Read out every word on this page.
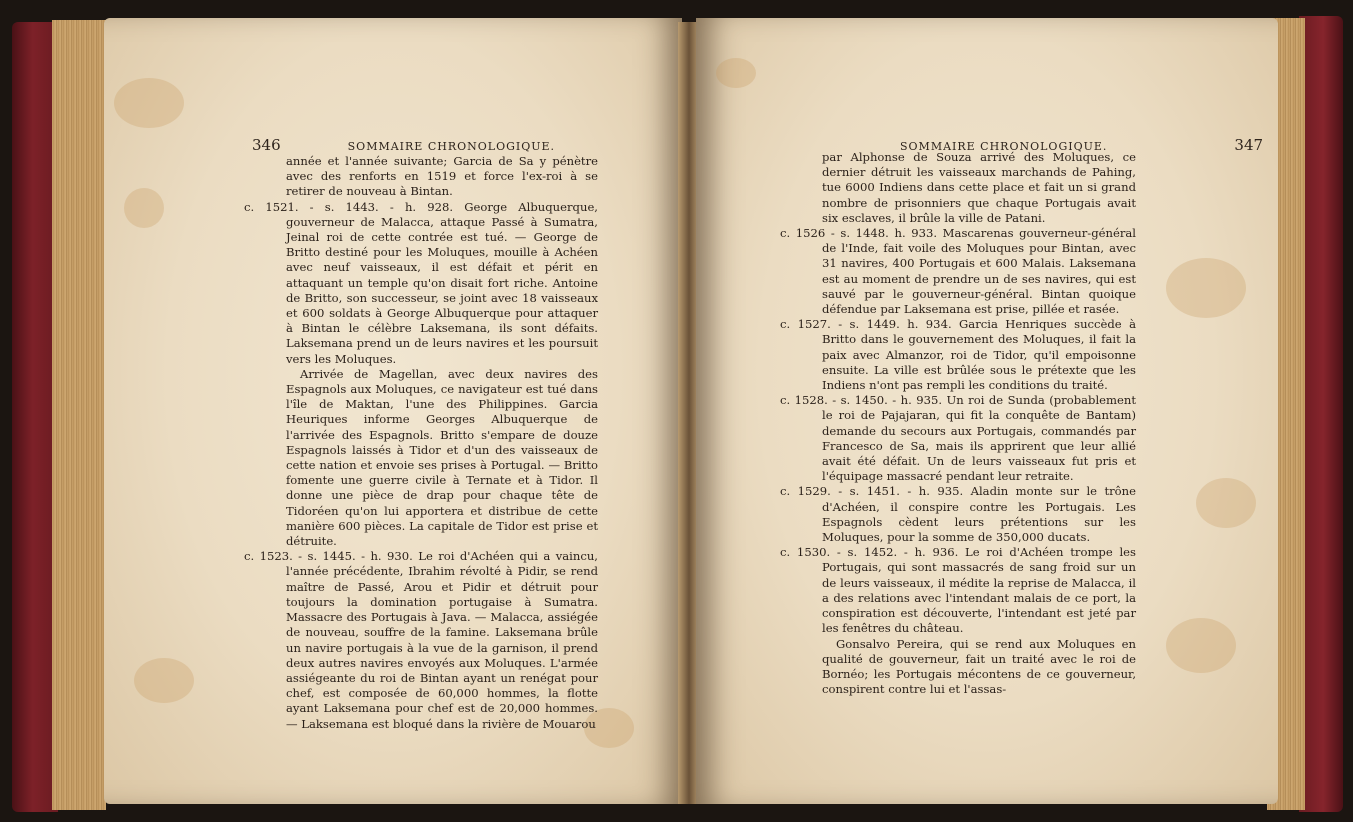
346	SOMMAIRE CHRONOLOGIQUE.	SOMMAIRE CHRONOLOGIQUE.	347

année et l'année suivante; Garcia de Sa y pénètre avec des renforts en 1519 et force l'ex-roi à se retirer de nouveau à Bintan.

c. 1521. - s. 1443. - h. 928. George Albuquerque, gouverneur de Malacca, attaque Passé à Sumatra, Jeinal roi de cette contrée est tué. — George de Britto destiné pour les Moluques, mouille à Achéen avec neuf vaisseaux, il est défait et périt en attaquant un temple qu'on disait fort riche. Antoine de Britto, son successeur, se joint avec 18 vaisseaux et 600 soldats à George Albuquerque pour attaquer à Bintan le célèbre Laksemana, ils sont défaits. Laksemana prend un de leurs navires et les poursuit vers les Moluques.

Arrivée de Magellan, avec deux navires des Espagnols aux Moluques, ce navigateur est tué dans l'île de Maktan, l'une des Philippines. Garcia Heuriques informe Georges Albuquerque de l'arrivée des Espagnols. Britto s'empare de douze Espagnols laissés à Tidor et d'un des vaisseaux de cette nation et envoie ses prises à Portugal. — Britto fomente une guerre civile à Ternate et à Tidor. Il donne une pièce de drap pour chaque tête de Tidoréen qu'on lui apportera et distribue de cette manière 600 pièces. La capitale de Tidor est prise et détruite.

c. 1523. - s. 1445. - h. 930. Le roi d'Achéen qui a vaincu, l'année précédente, Ibrahim révolté à Pidir, se rend maître de Passé, Arou et Pidir et détruit pour toujours la domination portugaise à Sumatra. Massacre des Portugais à Java. — Malacca, assiégée de nouveau, souffre de la famine. Laksemana brûle un navire portugais à la vue de la garnison, il prend deux autres navires envoyés aux Moluques. L'armée assiégeante du roi de Bintan ayant un renégat pour chef, est composée de 60,000 hommes, la flotte ayant Laksemana pour chef est de 20,000 hommes. — Laksemana est bloqué dans la rivière de Mouarou

par Alphonse de Souza arrivé des Moluques, ce dernier détruit les vaisseaux marchands de Pahing, tue 6000 Indiens dans cette place et fait un si grand nombre de prisonniers que chaque Portugais avait six esclaves, il brûle la ville de Patani.

c. 1526 - s. 1448. h. 933. Mascarenas gouverneur-général de l'Inde, fait voile des Moluques pour Bintan, avec 31 navires, 400 Portugais et 600 Malais. Laksemana est au moment de prendre un de ses navires, qui est sauvé par le gouverneur-général. Bintan quoique défendue par Laksemana est prise, pillée et rasée.

c. 1527. - s. 1449. h. 934. Garcia Henriques succède à Britto dans le gouvernement des Moluques, il fait la paix avec Almanzor, roi de Tidor, qu'il empoisonne ensuite. La ville est brûlée sous le prétexte que les Indiens n'ont pas rempli les conditions du traité.

c. 1528. - s. 1450. - h. 935. Un roi de Sunda (probablement le roi de Pajajaran, qui fit la conquête de Bantam) demande du secours aux Portugais, commandés par Francesco de Sa, mais ils apprirent que leur allié avait été défait. Un de leurs vaisseaux fut pris et l'équipage massacré pendant leur retraite.

c. 1529. - s. 1451. - h. 935. Aladin monte sur le trône d'Achéen, il conspire contre les Portugais. Les Espagnols cèdent leurs prétentions sur les Moluques, pour la somme de 350,000 ducats.

c. 1530. - s. 1452. - h. 936. Le roi d'Achéen trompe les Portugais, qui sont massacrés de sang froid sur un de leurs vaisseaux, il médite la reprise de Malacca, il a des relations avec l'intendant malais de ce port, la conspiration est découverte, l'intendant est jeté par les fenêtres du château.

Gonsalvo Pereira, qui se rend aux Moluques en qualité de gouverneur, fait un traité avec le roi de Bornéo; les Portugais mécontens de ce gouverneur, conspirent contre lui et l'assas-
